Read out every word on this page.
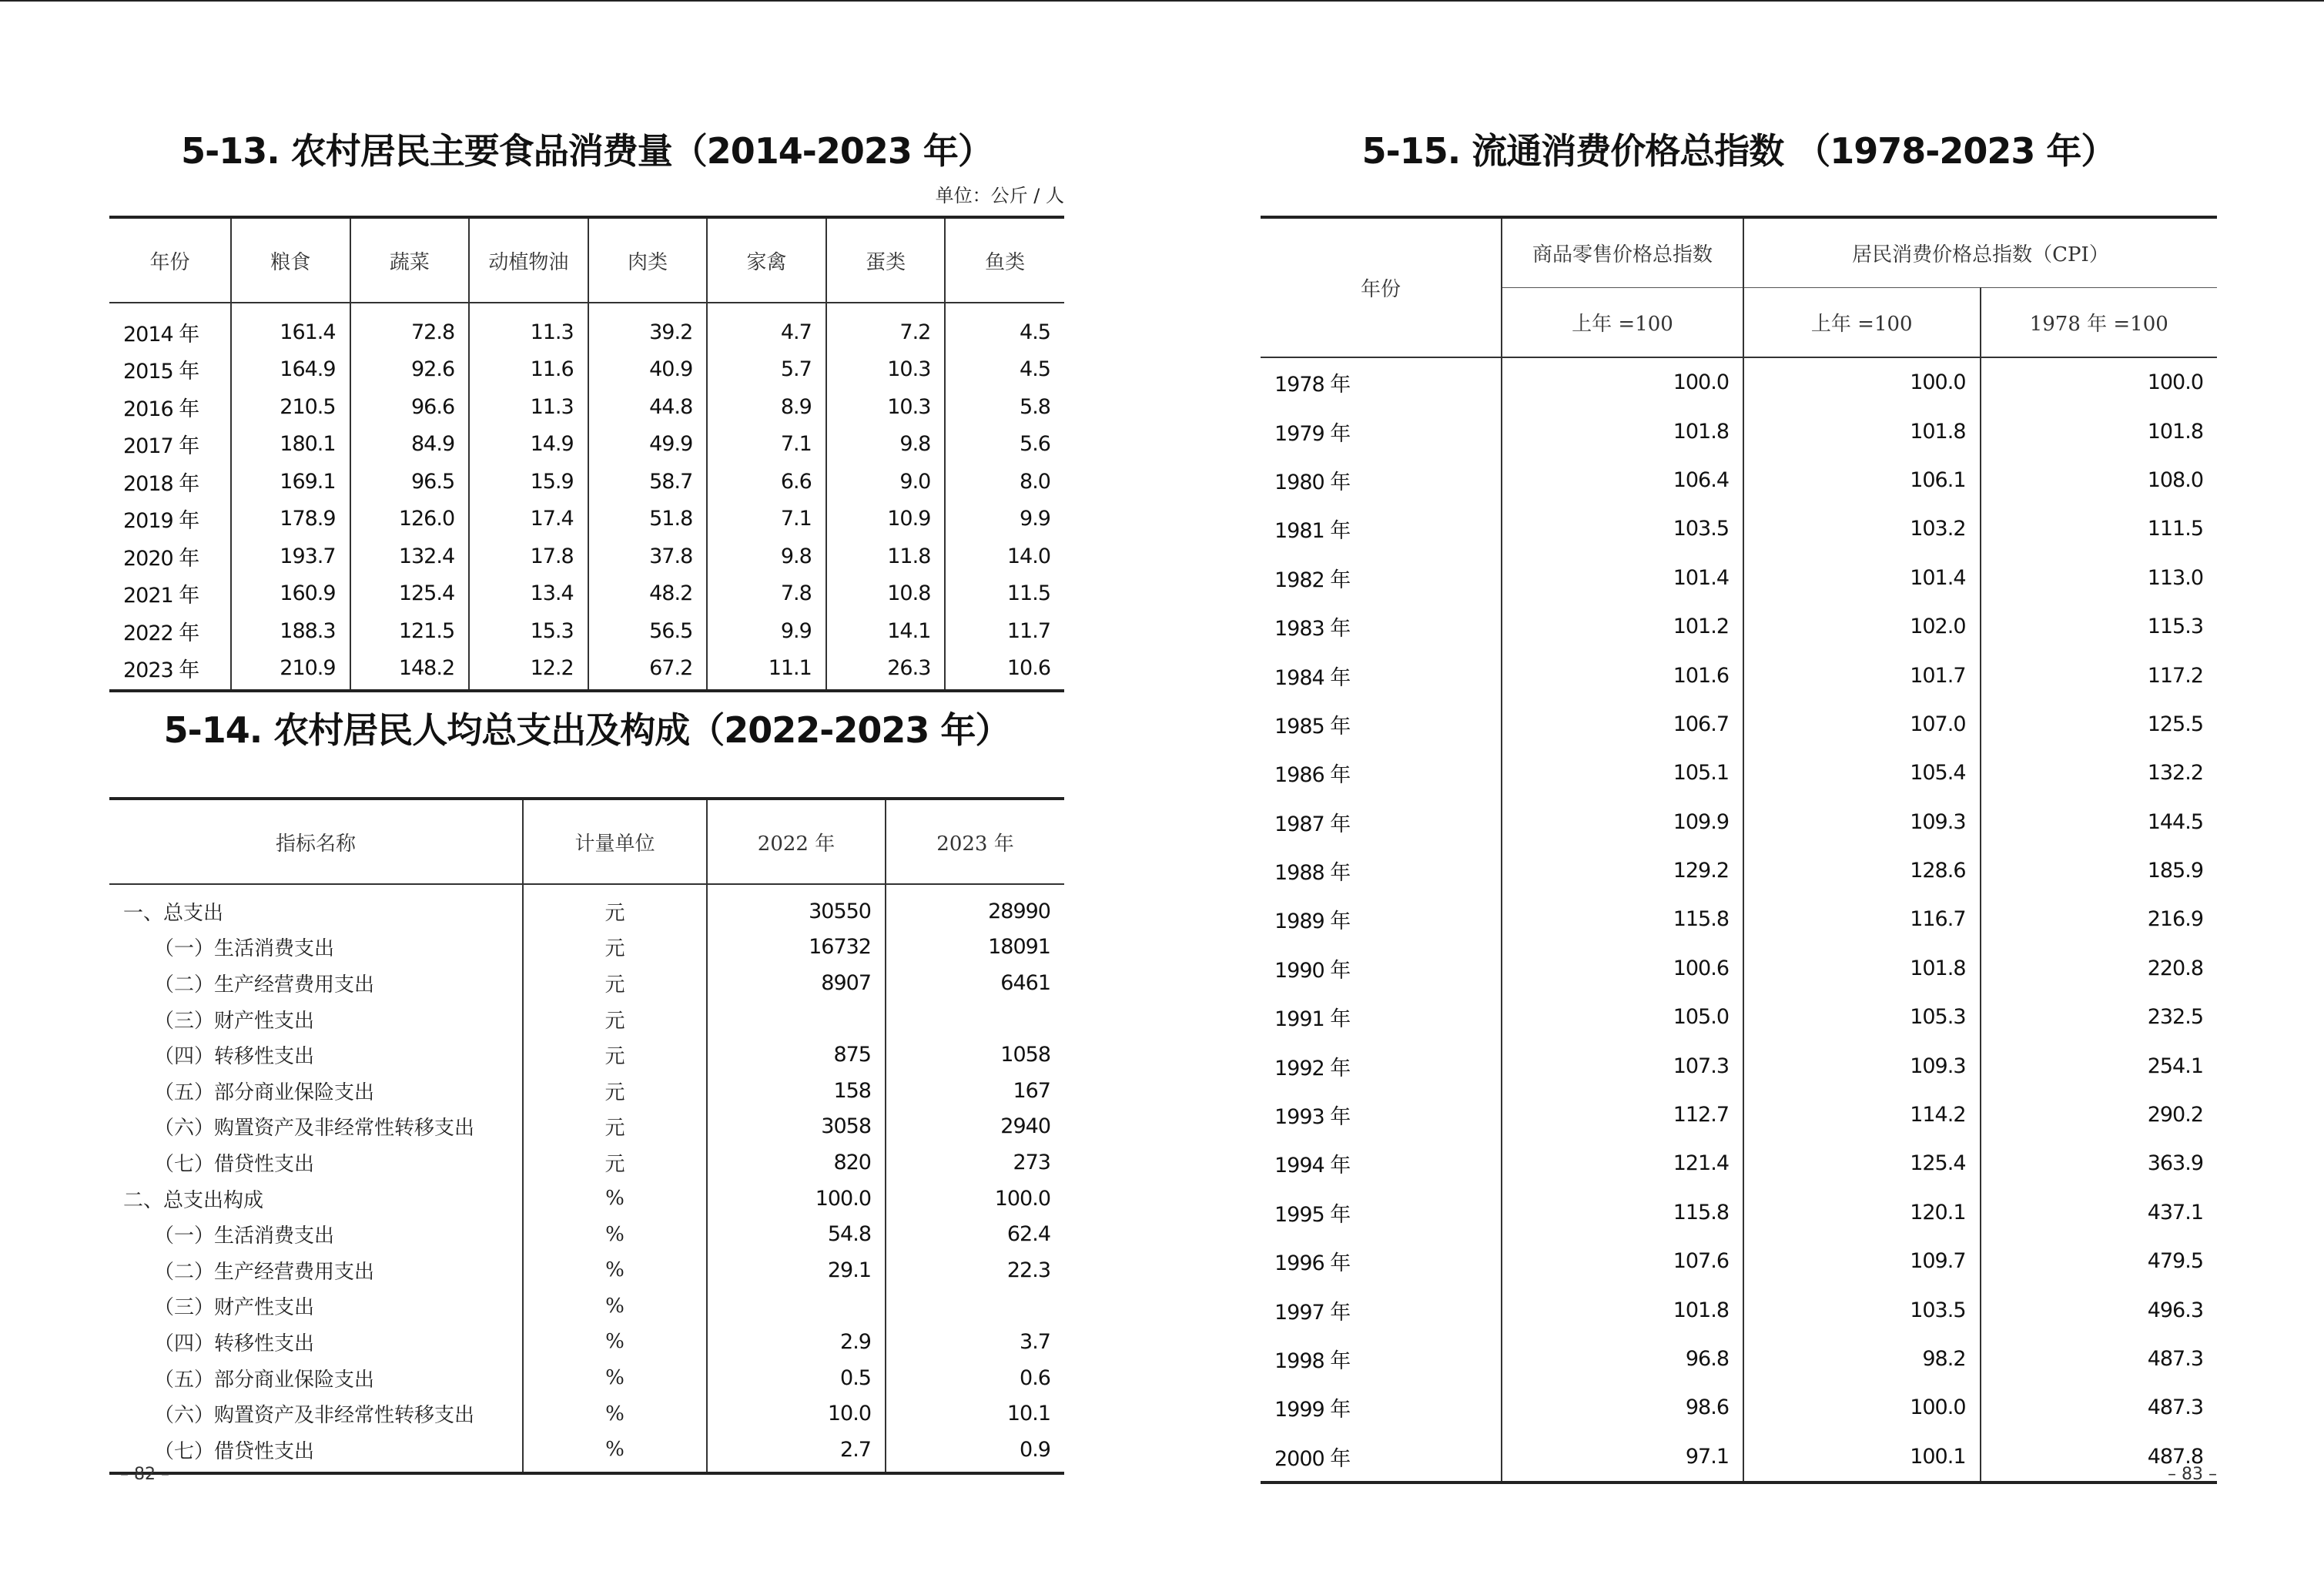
5-13. 农村居民主要食品消费量（2014-2023 年）
单位：公斤 / 人
年份	粮食	蔬菜	动植物油	肉类	家禽	蛋类	鱼类
2014 年	161.4	72.8	11.3	39.2	4.7	7.2	4.5
2015 年	164.9	92.6	11.6	40.9	5.7	10.3	4.5
2016 年	210.5	96.6	11.3	44.8	8.9	10.3	5.8
2017 年	180.1	84.9	14.9	49.9	7.1	9.8	5.6
2018 年	169.1	96.5	15.9	58.7	6.6	9.0	8.0
2019 年	178.9	126.0	17.4	51.8	7.1	10.9	9.9
2020 年	193.7	132.4	17.8	37.8	9.8	11.8	14.0
2021 年	160.9	125.4	13.4	48.2	7.8	10.8	11.5
2022 年	188.3	121.5	15.3	56.5	9.9	14.1	11.7
2023 年	210.9	148.2	12.2	67.2	11.1	26.3	10.6
5-14. 农村居民人均总支出及构成（2022-2023 年）
指标名称	计量单位	2022 年	2023 年
一、总支出	元	30550	28990
（一）生活消费支出	元	16732	18091
（二）生产经营费用支出	元	8907	6461
（三）财产性支出	元		
（四）转移性支出	元	875	1058
（五）部分商业保险支出	元	158	167
（六）购置资产及非经常性转移支出	元	3058	2940
（七）借贷性支出	元	820	273
二、总支出构成	%	100.0	100.0
（一）生活消费支出	%	54.8	62.4
（二）生产经营费用支出	%	29.1	22.3
（三）财产性支出	%		
（四）转移性支出	%	2.9	3.7
（五）部分商业保险支出	%	0.5	0.6
（六）购置资产及非经常性转移支出	%	10.0	10.1
（七）借贷性支出	%	2.7	0.9
– 82 –
5-15. 流通消费价格总指数 （1978-2023 年）
年份	商品零售价格总指数	居民消费价格总指数（CPI）	
	上年 =100	上年 =100	1978 年 =100
1978 年	100.0	100.0	100.0
1979 年	101.8	101.8	101.8
1980 年	106.4	106.1	108.0
1981 年	103.5	103.2	111.5
1982 年	101.4	101.4	113.0
1983 年	101.2	102.0	115.3
1984 年	101.6	101.7	117.2
1985 年	106.7	107.0	125.5
1986 年	105.1	105.4	132.2
1987 年	109.9	109.3	144.5
1988 年	129.2	128.6	185.9
1989 年	115.8	116.7	216.9
1990 年	100.6	101.8	220.8
1991 年	105.0	105.3	232.5
1992 年	107.3	109.3	254.1
1993 年	112.7	114.2	290.2
1994 年	121.4	125.4	363.9
1995 年	115.8	120.1	437.1
1996 年	107.6	109.7	479.5
1997 年	101.8	103.5	496.3
1998 年	96.8	98.2	487.3
1999 年	98.6	100.0	487.3
2000 年	97.1	100.1	487.8
– 83 –
